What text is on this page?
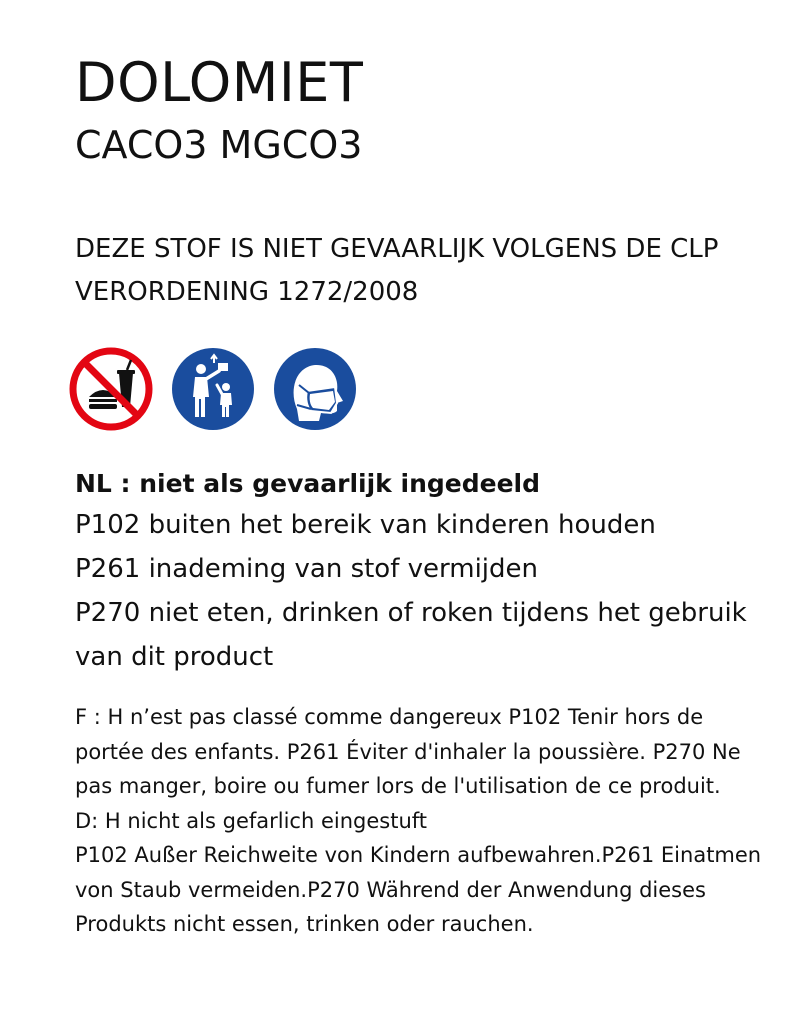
DOLOMIET
CACO3 MGCO3

DEZE STOF IS NIET GEVAARLIJK VOLGENS DE CLP VERORDENING 1272/2008

NL : niet als gevaarlijk ingedeeld

P102 buiten het bereik van kinderen houden

P261 inademing van stof vermijden

P270 niet eten, drinken of roken tijdens het gebruik van dit product

F : H n’est pas classé comme dangereux P102 Tenir hors de portée des enfants. P261 Éviter d'inhaler la poussière. P270 Ne pas manger, boire ou fumer lors de l'utilisation de ce produit.

D: H nicht als gefarlich eingestuft

P102 Außer Reichweite von Kindern aufbewahren.P261 Einatmen von Staub vermeiden.P270 Während der Anwendung dieses Produkts nicht essen, trinken oder rauchen.
